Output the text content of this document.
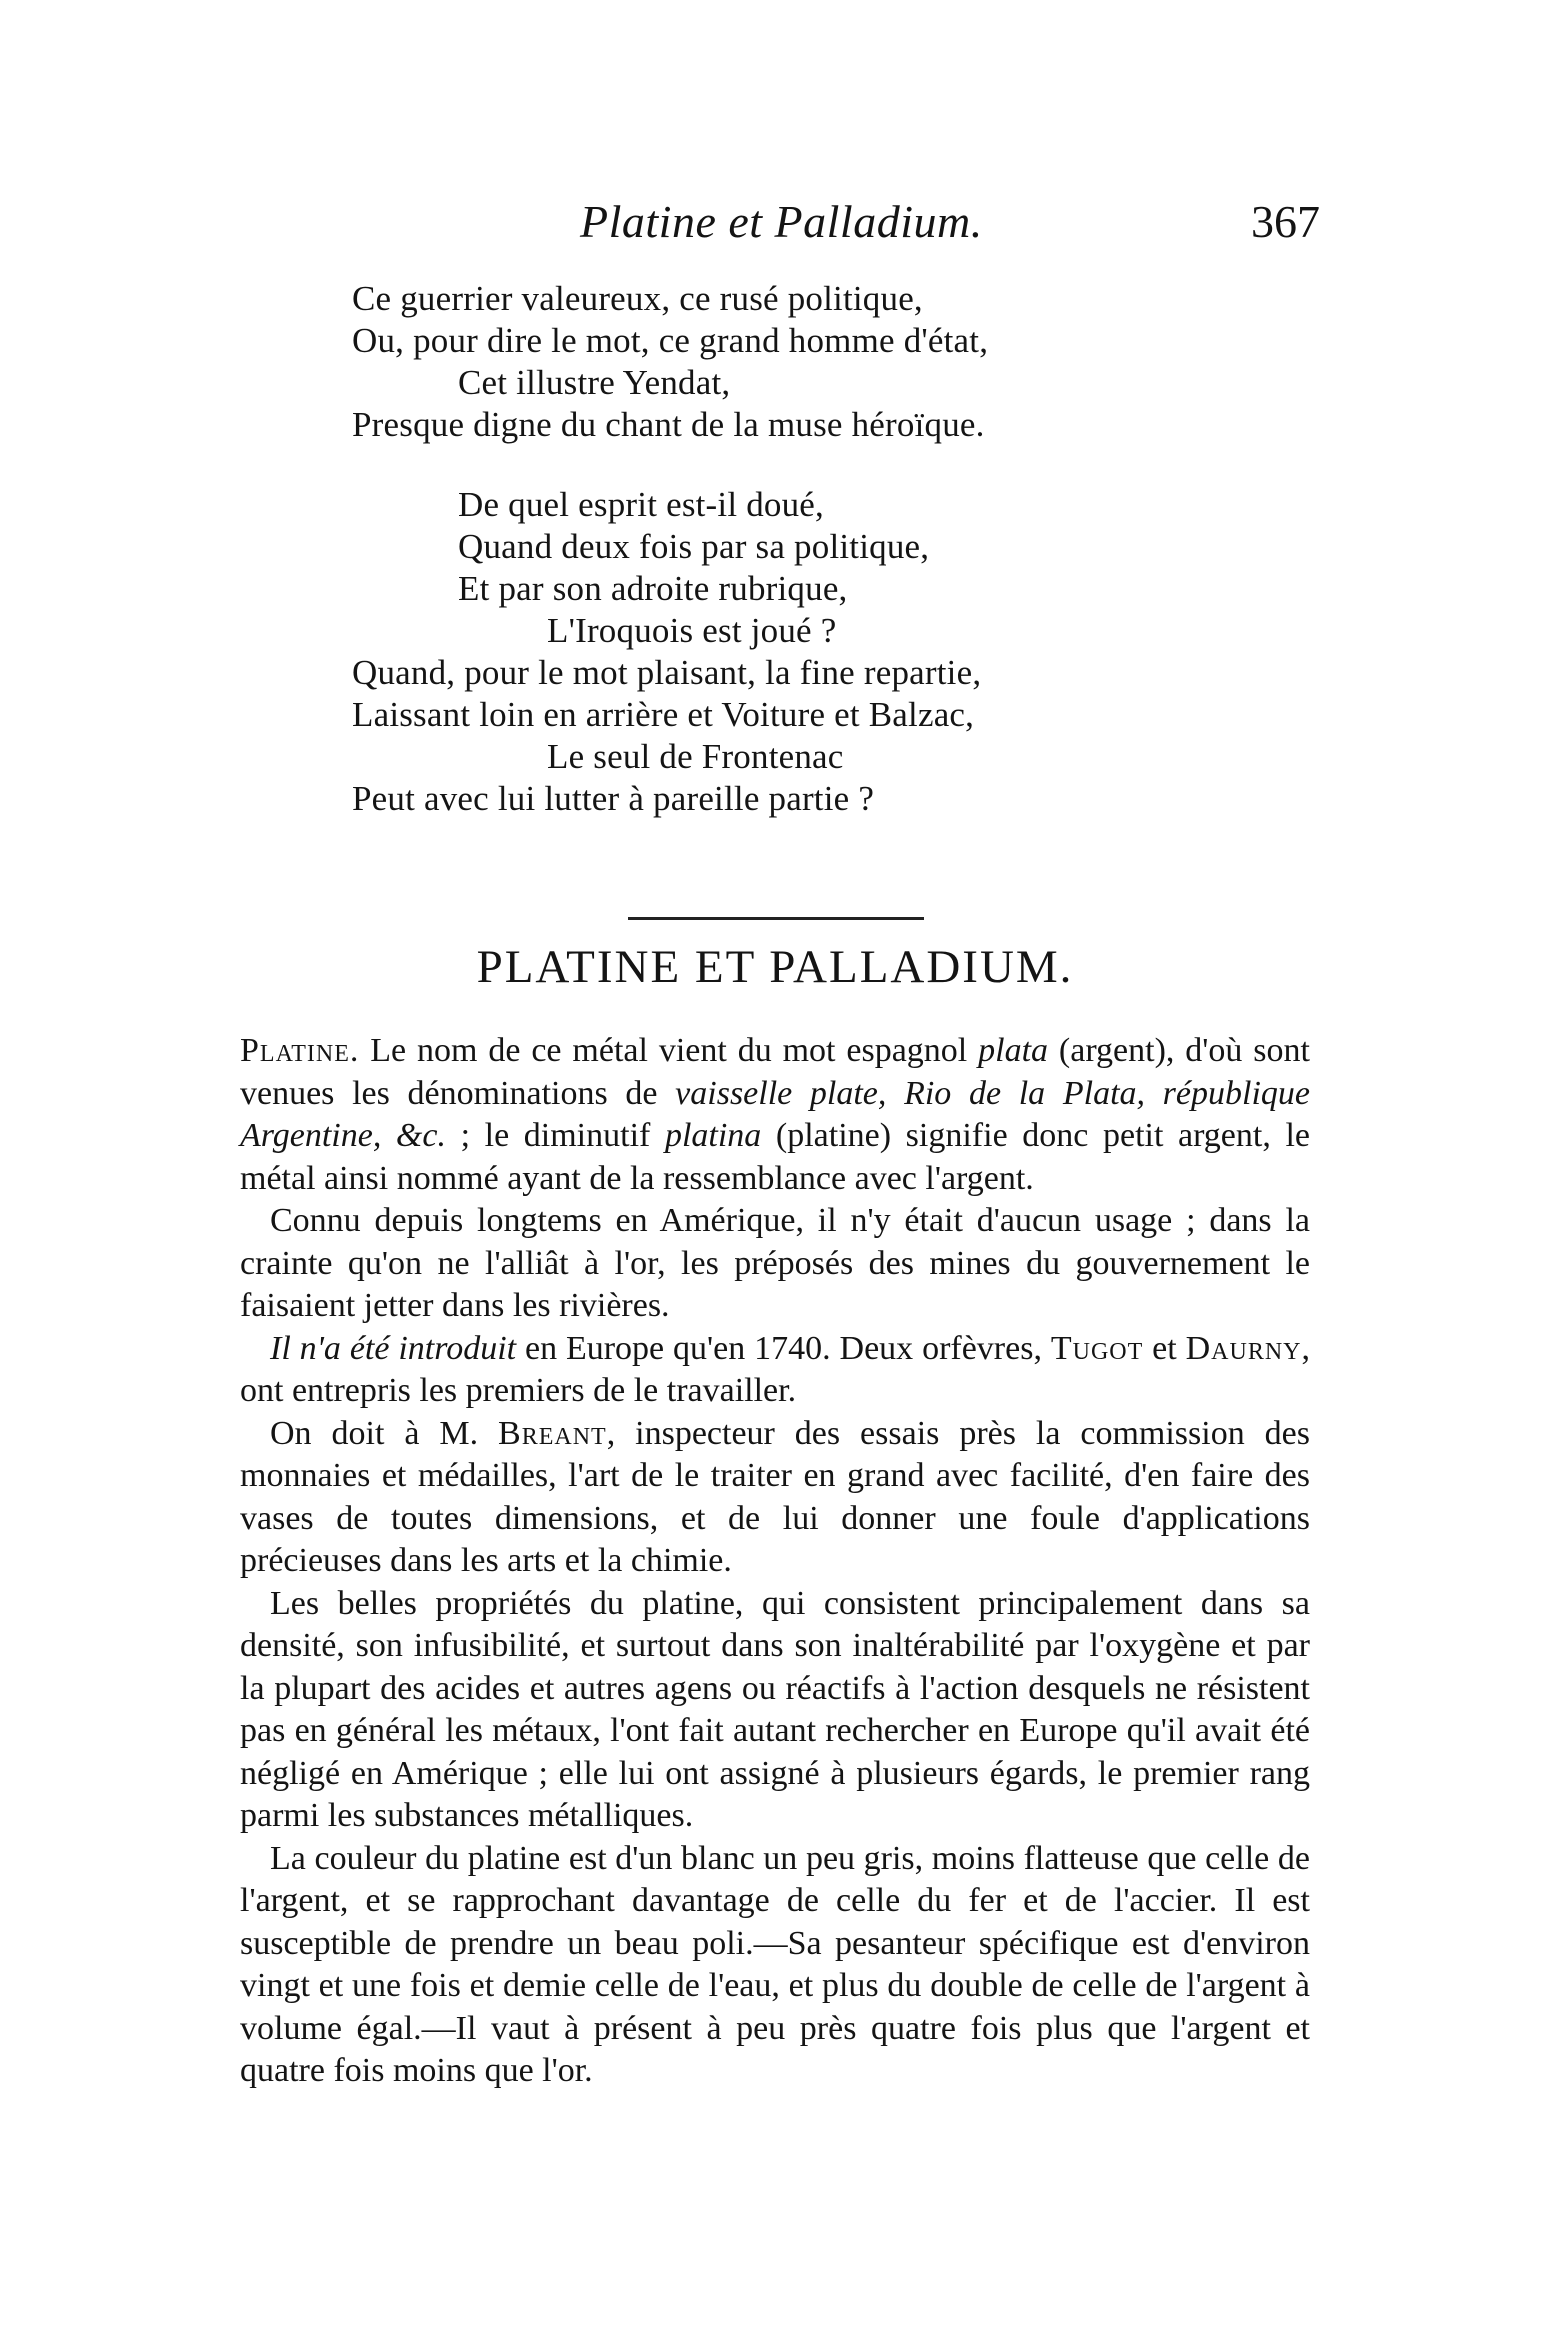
Platine et Palladium.	367
Ce guerrier valeureux, ce rusé politique,
Ou, pour dire le mot, ce grand homme d'état,
Cet illustre Yendat,
Presque digne du chant de la muse héroïque.
De quel esprit est-il doué,
Quand deux fois par sa politique,
Et par son adroite rubrique,
L'Iroquois est joué ?
Quand, pour le mot plaisant, la fine repartie,
Laissant loin en arrière et Voiture et Balzac,
Le seul de Frontenac
Peut avec lui lutter à pareille partie ?
PLATINE ET PALLADIUM.

Platine. Le nom de ce métal vient du mot espagnol plata (argent), d'où sont venues les dénominations de vaisselle plate, Rio de la Plata, république Argentine, &c. ; le diminutif platina (platine) signifie donc petit argent, le métal ainsi nommé ayant de la ressemblance avec l'argent.

Connu depuis longtems en Amérique, il n'y était d'aucun usage ; dans la crainte qu'on ne l'alliât à l'or, les préposés des mines du gouvernement le faisaient jetter dans les rivières.

Il n'a été introduit en Europe qu'en 1740. Deux orfèvres, Tugot et Daurny, ont entrepris les premiers de le travailler.

On doit à M. Breant, inspecteur des essais près la commission des monnaies et médailles, l'art de le traiter en grand avec facilité, d'en faire des vases de toutes dimensions, et de lui donner une foule d'applications précieuses dans les arts et la chimie.

Les belles propriétés du platine, qui consistent principalement dans sa densité, son infusibilité, et surtout dans son inaltérabilité par l'oxygène et par la plupart des acides et autres agens ou réactifs à l'action desquels ne résistent pas en général les métaux, l'ont fait autant rechercher en Europe qu'il avait été négligé en Amérique ; elle lui ont assigné à plusieurs égards, le premier rang parmi les substances métalliques.

La couleur du platine est d'un blanc un peu gris, moins flatteuse que celle de l'argent, et se rapprochant davantage de celle du fer et de l'accier. Il est susceptible de prendre un beau poli.—Sa pesanteur spécifique est d'environ vingt et une fois et demie celle de l'eau, et plus du double de celle de l'argent à volume égal.—Il vaut à présent à peu près quatre fois plus que l'argent et quatre fois moins que l'or.
